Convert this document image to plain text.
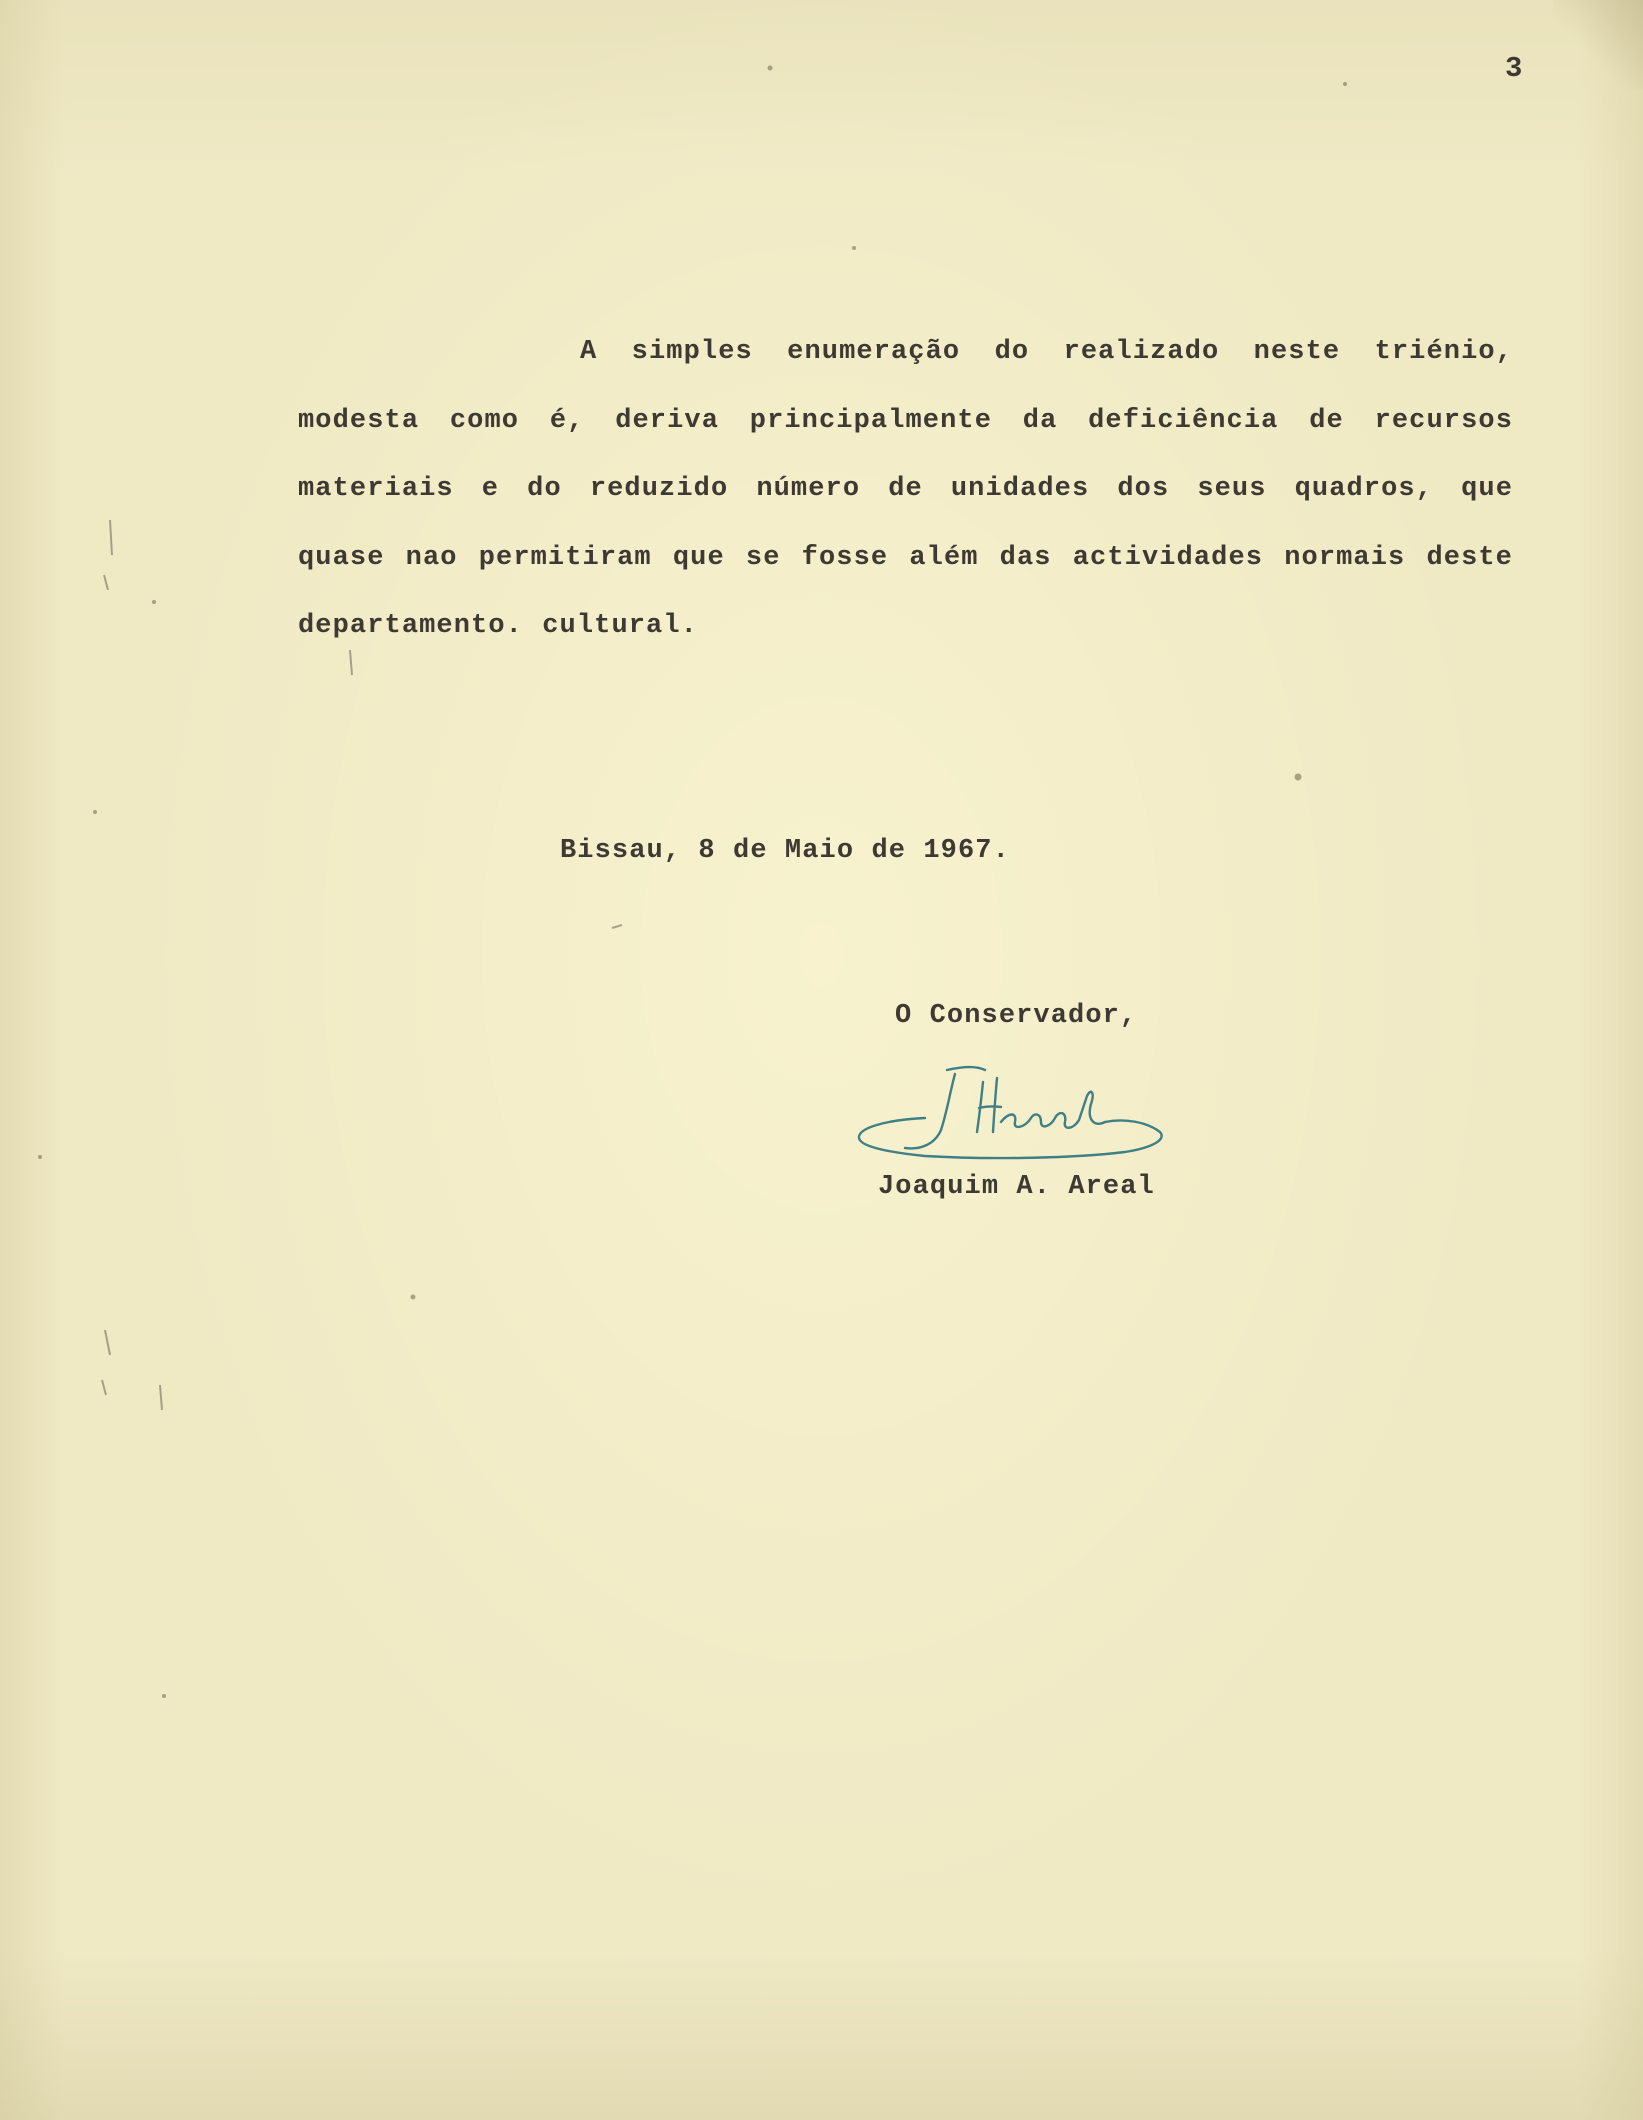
3

A simples enumeração do realizado neste triénio, modesta como é, deriva principalmente da deficiência de recursos materiais e do reduzido número de unidades dos seus quadros, que quase nao permitiram que se fosse além das actividades normais deste departamento. cultural.

Bissau, 8 de Maio de 1967.
O Conservador,
Joaquim A. Areal
